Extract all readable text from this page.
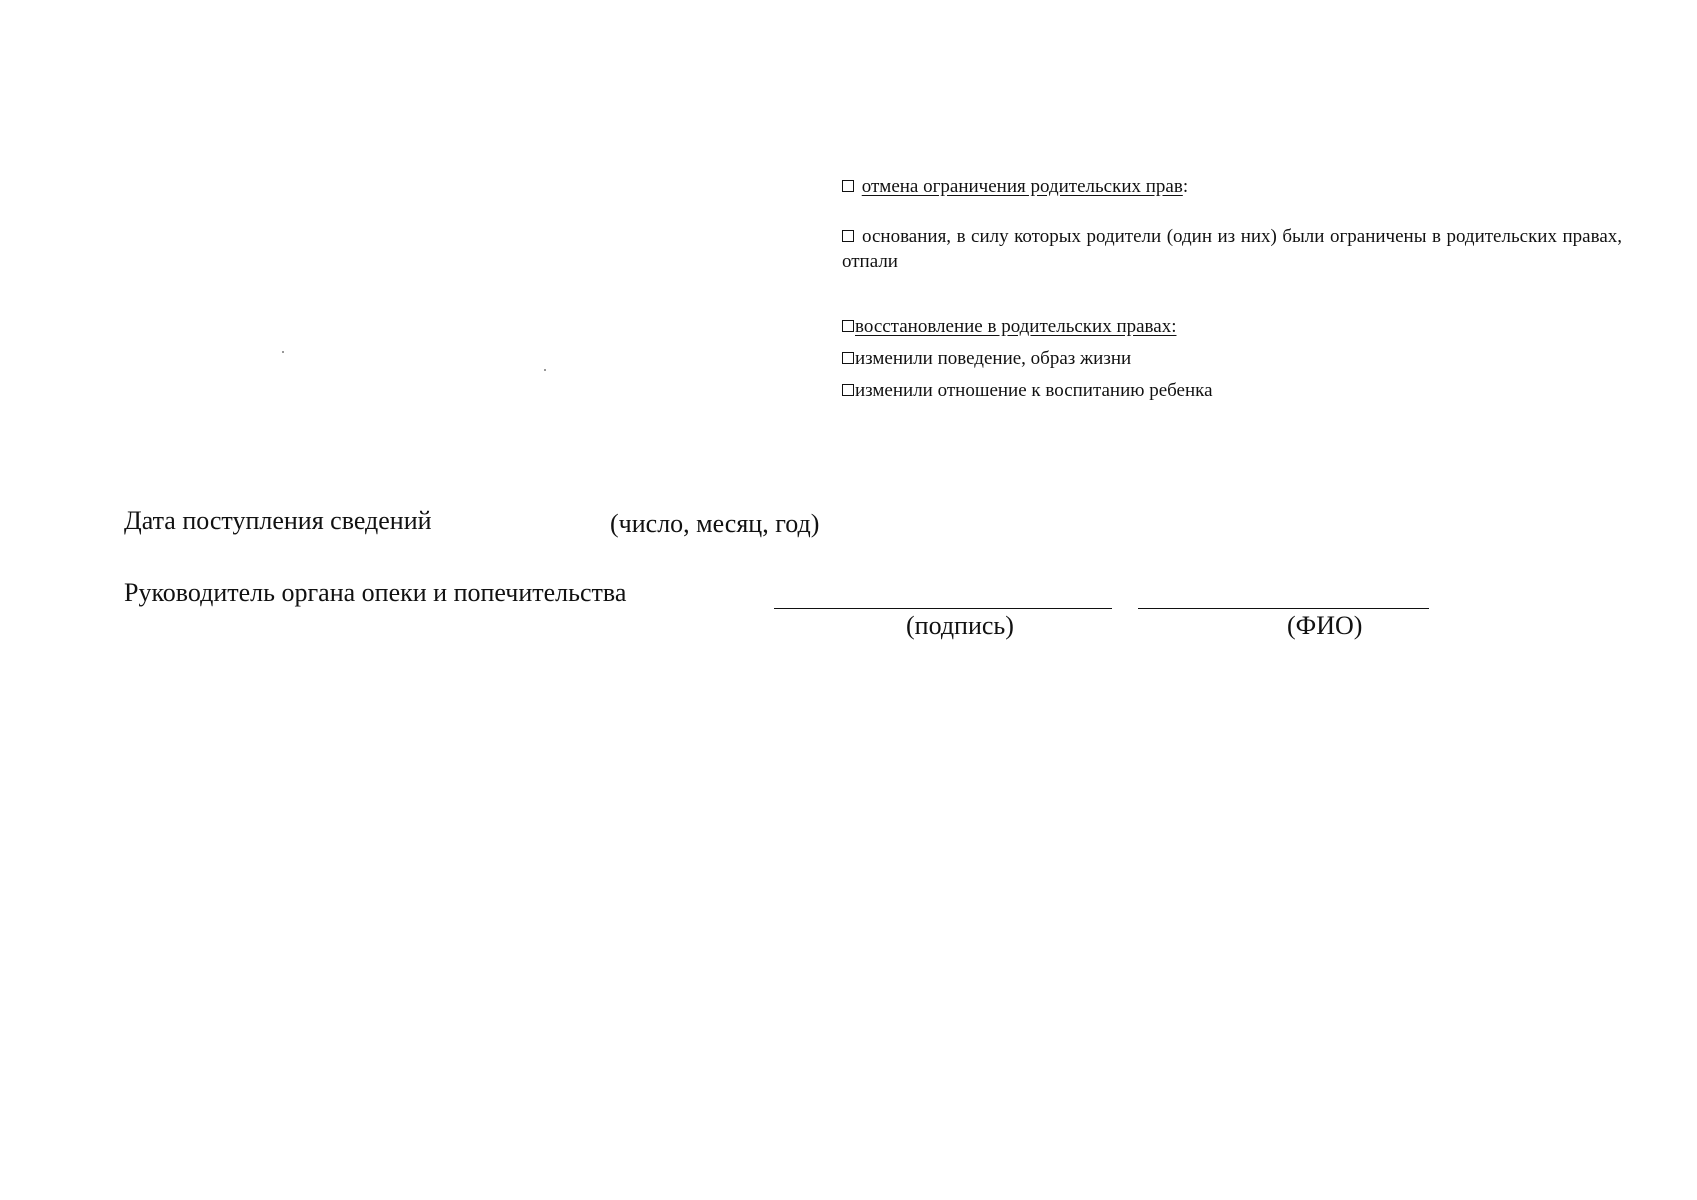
отмена ограничения родительских прав:
основания, в силу которых родители (один из них) были ограничены в родительских правах, отпали
восстановление в родительских правах:
изменили поведение, образ жизни
изменили отношение к воспитанию ребенка
Дата поступления сведений	(число, месяц, год)
Руководитель органа опеки и попечительства
(подпись)	(ФИО)
